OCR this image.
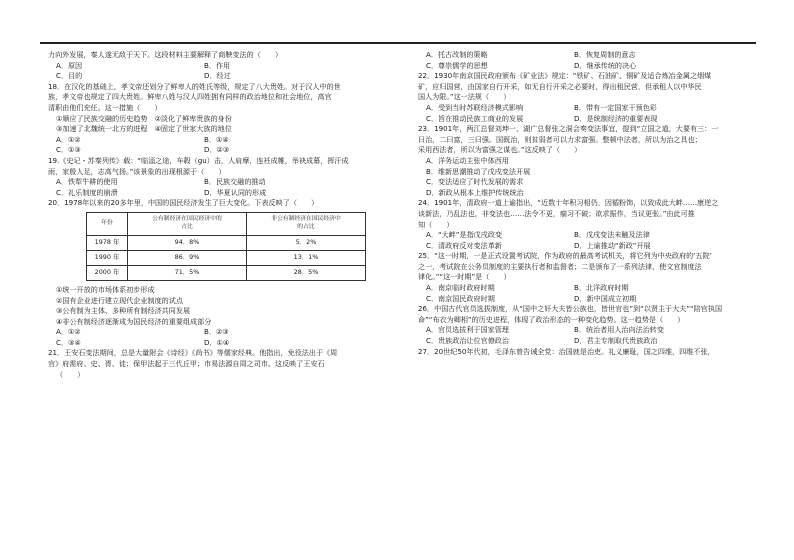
力向外发展，秦人遂无敌于天下。这段材料主要解释了商鞅变法的（　　）
A．原因	B．作用
C．目的	D．经过
18．在汉化的基础上，孝文帝还划分了鲜卑人的姓氏等级，规定了八大贵姓。对于汉人中的世
族，孝文帝也规定了四大贵姓。鲜卑八姓与汉人四姓拥有同样的政治地位和社会地位，高官
清职由他们充任。这一措施（　　）
①顺应了民族交融的历史趋势　②淡化了鲜卑贵族的身份
③加速了北魏统一北方的进程　④固定了世家大族的地位
A．①②	B．①④
C．①③	D．②③
19.《史记・苏秦列传》载：“临淄之途，车毂（gu）击，人肩摩，连衽成帷，举袂成幕，挥汗成
雨，家殷人足，志高气扬。”该景象的出现根源于（　　）
A．铁犁牛耕的使用	B．民族交融的推动
C．礼乐制度的崩溃	D．华夏认同的形成
20．1978年以来的20多年里，中国的国民经济发生了巨大变化。下表反映了（　　）
年份	公有制经济在国民经济中的
占比	非公有制经济在国民经济中
的占比
1978 年	94．8%	5．2%
1990 年	86．9%	13．1%
2000 年	71．5%	28．5%
①统一开放的市场体系初步形成
②国有企业进行建立现代企业制度的试点
③公有制为主体、多种所有制经济共同发展
④非公有制经济逐渐成为国民经济的重要组成部分
A．①②	B．②③
C．③④	D．①④
21．王安石变法期间，总是大量附会《诗经》《尚书》等儒家经典。他指出，免役法出于《周
官》府需府、史、胥、徒；保甲法起于三代丘甲；市易法源自周之司市。这反映了王安石
（　　）
A．托古改制的策略	B．恢复周制的意志
C．尊崇儒学的思想	D．继承传统的决心
22．1930年南京国民政府颁布《矿业法》规定：“铁矿、石油矿、铜矿及适合炼冶金属之烟煤
矿，应归国营，由国家自行开采，如无自行开采之必要时，得出租民营，但承租人以中华民
国人为限。”这一法规（　　）
A．受到当时苏联经济模式影响	B．带有一定国家干预色彩
C．旨在推动民族工商业的发展	D．是统制经济的重要表现
23．1901年，两江总督刘坤一、湖广总督张之洞会奏变法事宜，提到“立国之道，大要有三：一
曰治，二曰富，三曰强。国既治，则贫弱者可以力求富强。整顿中法者，所以为治之具也；
采用西法者，所以为富强之谋也。”这反映了（　　）
A．洋务运动主张中体西用
B．维新思潮推动了戊戌变法开展
C．变法适应了时代发展的需求
D．新政从根本上维护传统统治
24．1901年，清政府一道上谕指出，“近数十年积习相仍，因循粉饰，以致成此大衅……康逆之
谈新法，乃乱法也，非变法也……法令不更，痼习不破；欲求振作，当议更张。”由此可推
知（　　）
A．“大衅”是指戊戌政变	B．戊戌变法未触及法律
C．清政府反对变法革新	D．上谕推动“新政”开展
25．“这一时期，一是正式设置考试院，作为政府的最高考试机关，将它列为中央政府的‘五院’
之一，考试院在公务员制度的主要执行者和监督者；二是颁布了一系列法律，使文官制度法
律化。”“这一时期”是（　　）
A．南京临时政府时期	B．北洋政府时期
C．南京国民政府时期	D．新中国成立初期
26．中国古代官员选拔制度，从“国中之奸大夫皆公族也，皆世官也”到“以贤主于大夫”“陪官执国
命”“布衣为卿相”的历史进程，体现了政治形态的一种变化趋势。这一趋势是（　　）
A．官员选拔利于国家管理	B．统治者用人治向法治转变
C．贵族政治让位官僚政治	D．君主专制取代贵族政治
27．20世纪50年代初，毛泽东曾告诫全党：治国就是治吏。礼义廉耻，国之四维，四维不张，
